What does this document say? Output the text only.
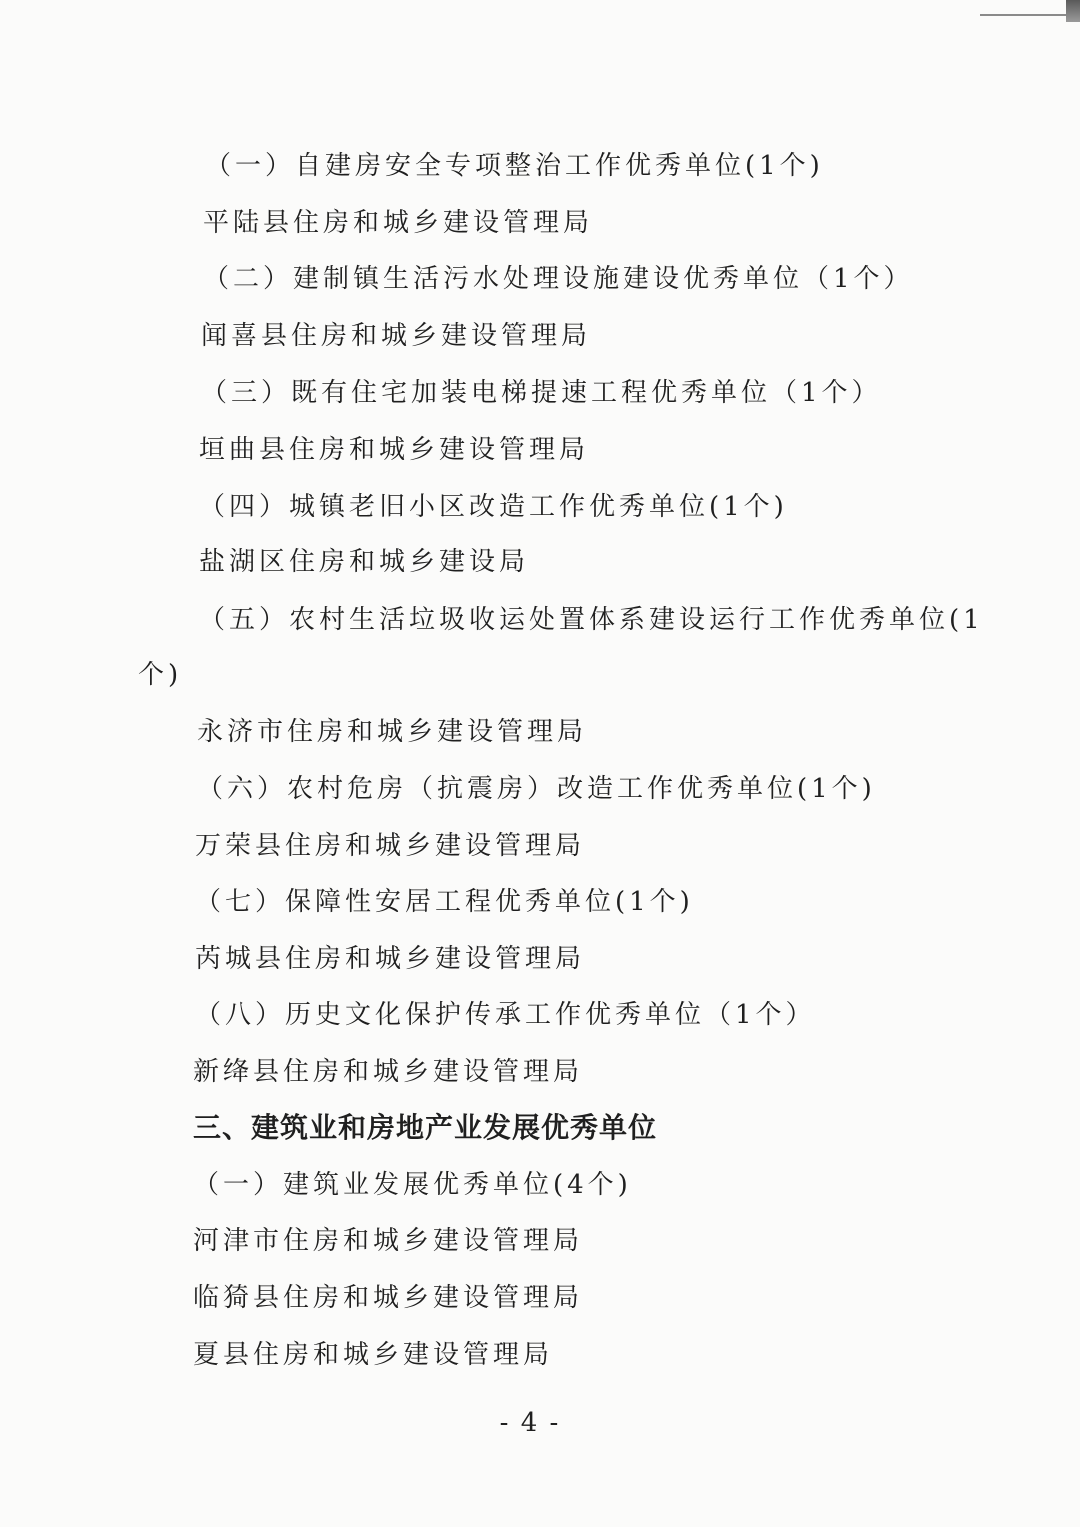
（一）自建房安全专项整治工作优秀单位(1个)
平陆县住房和城乡建设管理局
（二）建制镇生活污水处理设施建设优秀单位（1个）
闻喜县住房和城乡建设管理局
（三）既有住宅加装电梯提速工程优秀单位（1个）
垣曲县住房和城乡建设管理局
（四）城镇老旧小区改造工作优秀单位(1个)
盐湖区住房和城乡建设局
（五）农村生活垃圾收运处置体系建设运行工作优秀单位(1
个)
永济市住房和城乡建设管理局
（六）农村危房（抗震房）改造工作优秀单位(1个)
万荣县住房和城乡建设管理局
（七）保障性安居工程优秀单位(1个)
芮城县住房和城乡建设管理局
（八）历史文化保护传承工作优秀单位（1个）
新绛县住房和城乡建设管理局
三、建筑业和房地产业发展优秀单位
（一）建筑业发展优秀单位(4个)
河津市住房和城乡建设管理局
临猗县住房和城乡建设管理局
夏县住房和城乡建设管理局
- 4 -
